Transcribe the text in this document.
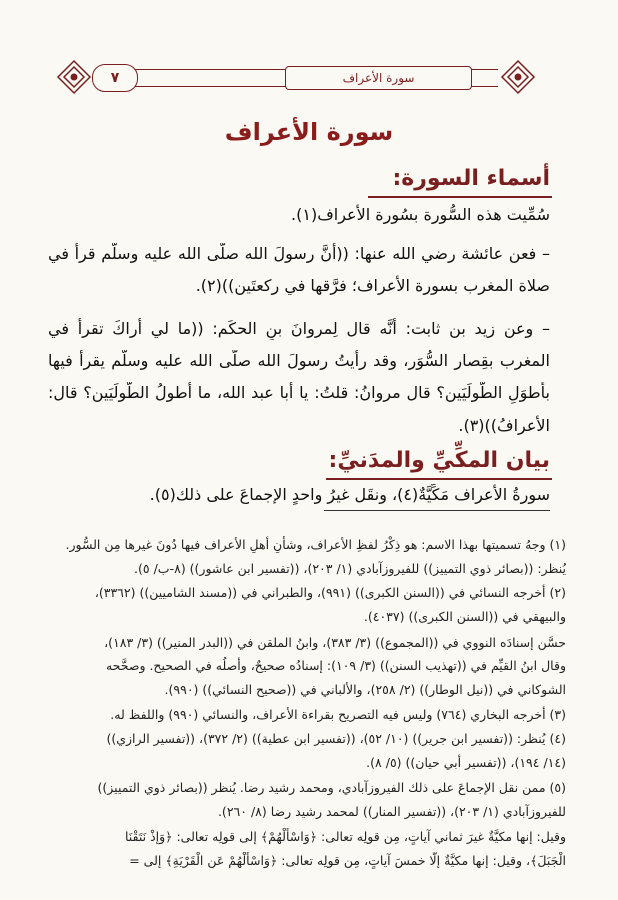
سورة الأعراف
٧
سورة الأعراف
أسماء السورة:
سُمِّيت هذه السُّورة بسُورة الأعراف(١).
– فعن عائشة رضي الله عنها: ((أنَّ رسولَ الله صلَّى الله عليه وسلَّم قرأ في
صلاة المغرب بسورة الأعراف؛ فرَّقها في ركعتَين))(٢).
– وعن زيد بن ثابت: أنَّه قال لِمروانَ بنِ الحكَم: ((ما لي أراكَ تقرأُ في
المغرب بقِصار السُّوَر، وقد رأيتُ رسولَ الله صلَّى الله عليه وسلَّم يقرأُ فيها
بأطوَلِ الطُّولَيَين؟ قال مروانُ: قلتُ: يا أبا عبد الله، ما أطولُ الطُّولَيَين؟ قال:
الأعرافُ))(٣).
بيان المكِّيِّ والمدَنيِّ:
سورةُ الأعراف مَكِّيَّةٌ(٤)، ونقَل غيرُ واحدٍ الإجماعَ على ذلك(٥).
(١) وجهُ تسميتها بهذا الاسم: هو ذِكْرُ لفظِ الأعراف، وشأنِ أهلِ الأعراف فيها دُونَ غيرها مِن السُّور.
يُنظر: ((بصائر ذوي التمييز)) للفيروزآبادي (١/ ٢٠٣)، ((تفسير ابن عاشور)) (٨-ب/ ٥).
(٢) أخرجه النسائي في ((السنن الكبرى)) (٩٩١)، والطبراني في ((مسند الشاميين)) (٣٣٦٢)،
والبيهقي في ((السنن الكبرى)) (٤٠٣٧).
حسَّن إسنادَه النووي في ((المجموع)) (٣/ ٣٨٣)، وابنُ الملقن في ((البدر المنير)) (٣/ ١٨٣)،
وقال ابنُ القيِّم في ((تهذيب السنن)) (٣/ ١٠٩): إسنادُه صحيحٌ، وأصلُه في الصحيح. وصحَّحه
الشوكاني في ((نيل الوطار)) (٢/ ٢٥٨)، والألباني في ((صحيح النسائي)) (٩٩٠).
(٣) أخرجه البخاري (٧٦٤) وليس فيه التصريح بقراءة الأعراف، والنسائي (٩٩٠) واللفظ له.
(٤) يُنظر: ((تفسير ابن جرير)) (١٠/ ٥٢)، ((تفسير ابن عطية)) (٢/ ٣٧٢)، ((تفسير الرازي))
(١٤/ ١٩٤)، ((تفسير أبي حيان)) (٥/ ٨).
(٥) ممن نقل الإجماعَ على ذلك الفيروزآبادي، ومحمد رشيد رضا. يُنظر ((بصائر ذوي التمييز))
للفيروزآبادي (١/ ٢٠٣)، ((تفسير المنار)) لمحمد رشيد رضا (٨/ ٢٦٠).
وقيل: إنها مكيَّةٌ غيرَ ثماني آياتٍ، مِن قولِه تعالى: ﴿وَاسْأَلْهُمْ﴾ إلى قولِه تعالى: ﴿وَإِذْ نَتَقْنَا
الْجَبَلَ﴾، وقيل: إنها مكيَّةٌ إلَّا خمسَ آياتٍ، مِن قولِه تعالى: ﴿وَاسْأَلْهُمْ عَنِ الْقَرْيَةِ﴾ إلى =
